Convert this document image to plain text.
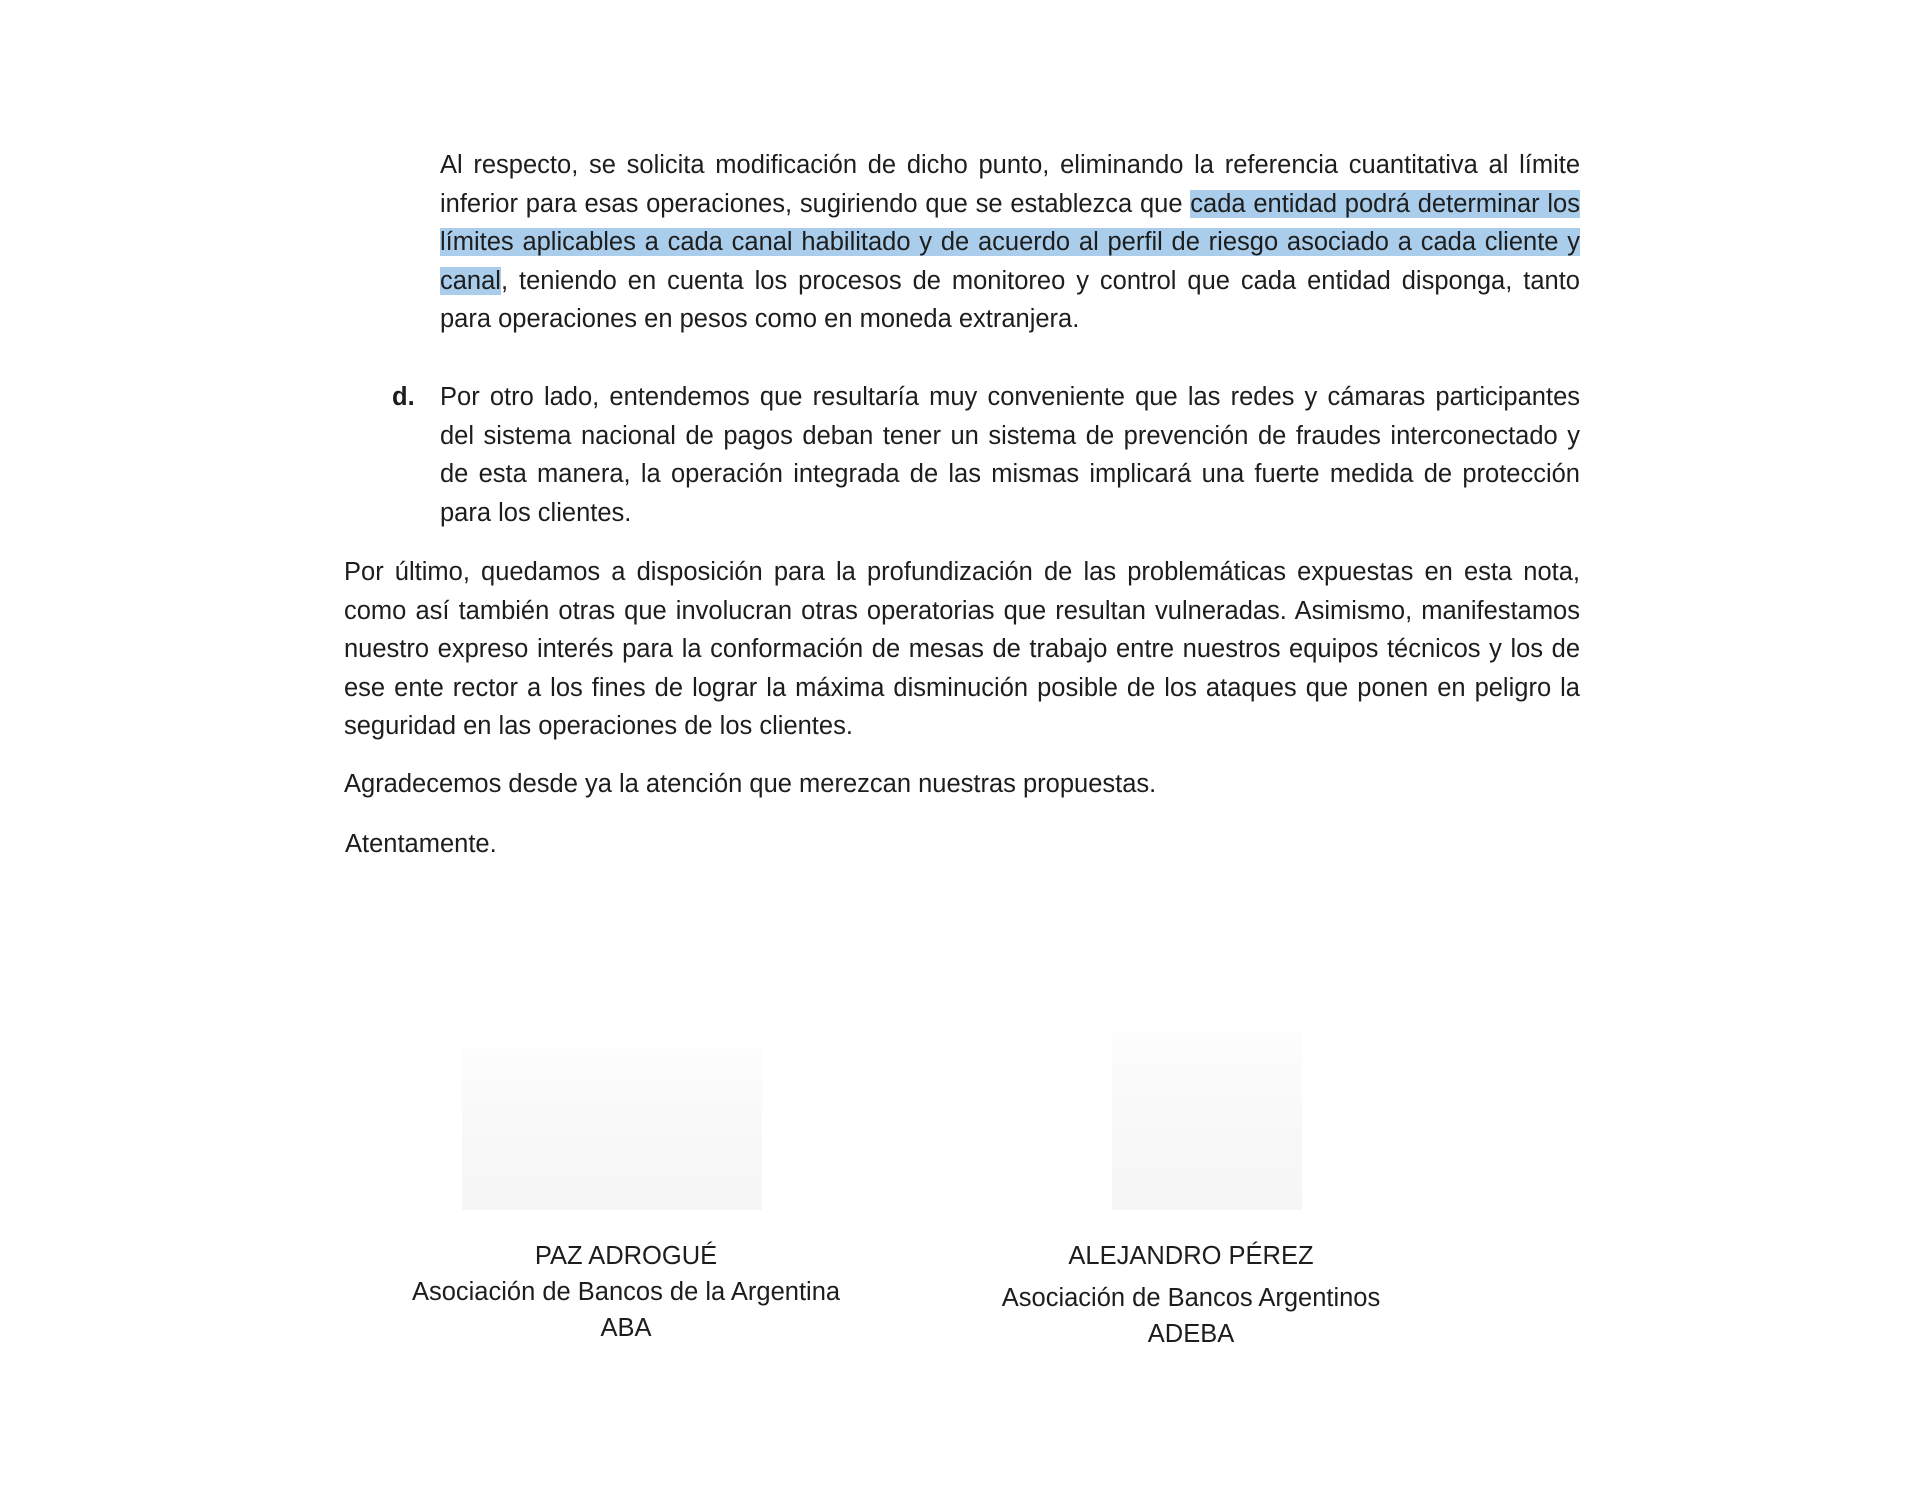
Al respecto, se solicita modificación de dicho punto, eliminando la referencia cuantitativa al límite inferior para esas operaciones, sugiriendo que se establezca que cada entidad podrá determinar los límites aplicables a cada canal habilitado y de acuerdo al perfil de riesgo asociado a cada cliente y canal, teniendo en cuenta los procesos de monitoreo y control que cada entidad disponga, tanto para operaciones en pesos como en moneda extranjera.

d. Por otro lado, entendemos que resultaría muy conveniente que las redes y cámaras participantes del sistema nacional de pagos deban tener un sistema de prevención de fraudes interconectado y de esta manera, la operación integrada de las mismas implicará una fuerte medida de protección para los clientes.

Por último, quedamos a disposición para la profundización de las problemáticas expuestas en esta nota, como así también otras que involucran otras operatorias que resultan vulneradas. Asimismo, manifestamos nuestro expreso interés para la conformación de mesas de trabajo entre nuestros equipos técnicos y los de ese ente rector a los fines de lograr la máxima disminución posible de los ataques que ponen en peligro la seguridad en las operaciones de los clientes.

Agradecemos desde ya la atención que merezcan nuestras propuestas.

Atentamente.

PAZ ADROGUÉ
Asociación de Bancos de la Argentina
ABA
ALEJANDRO PÉREZ
Asociación de Bancos Argentinos
ADEBA
